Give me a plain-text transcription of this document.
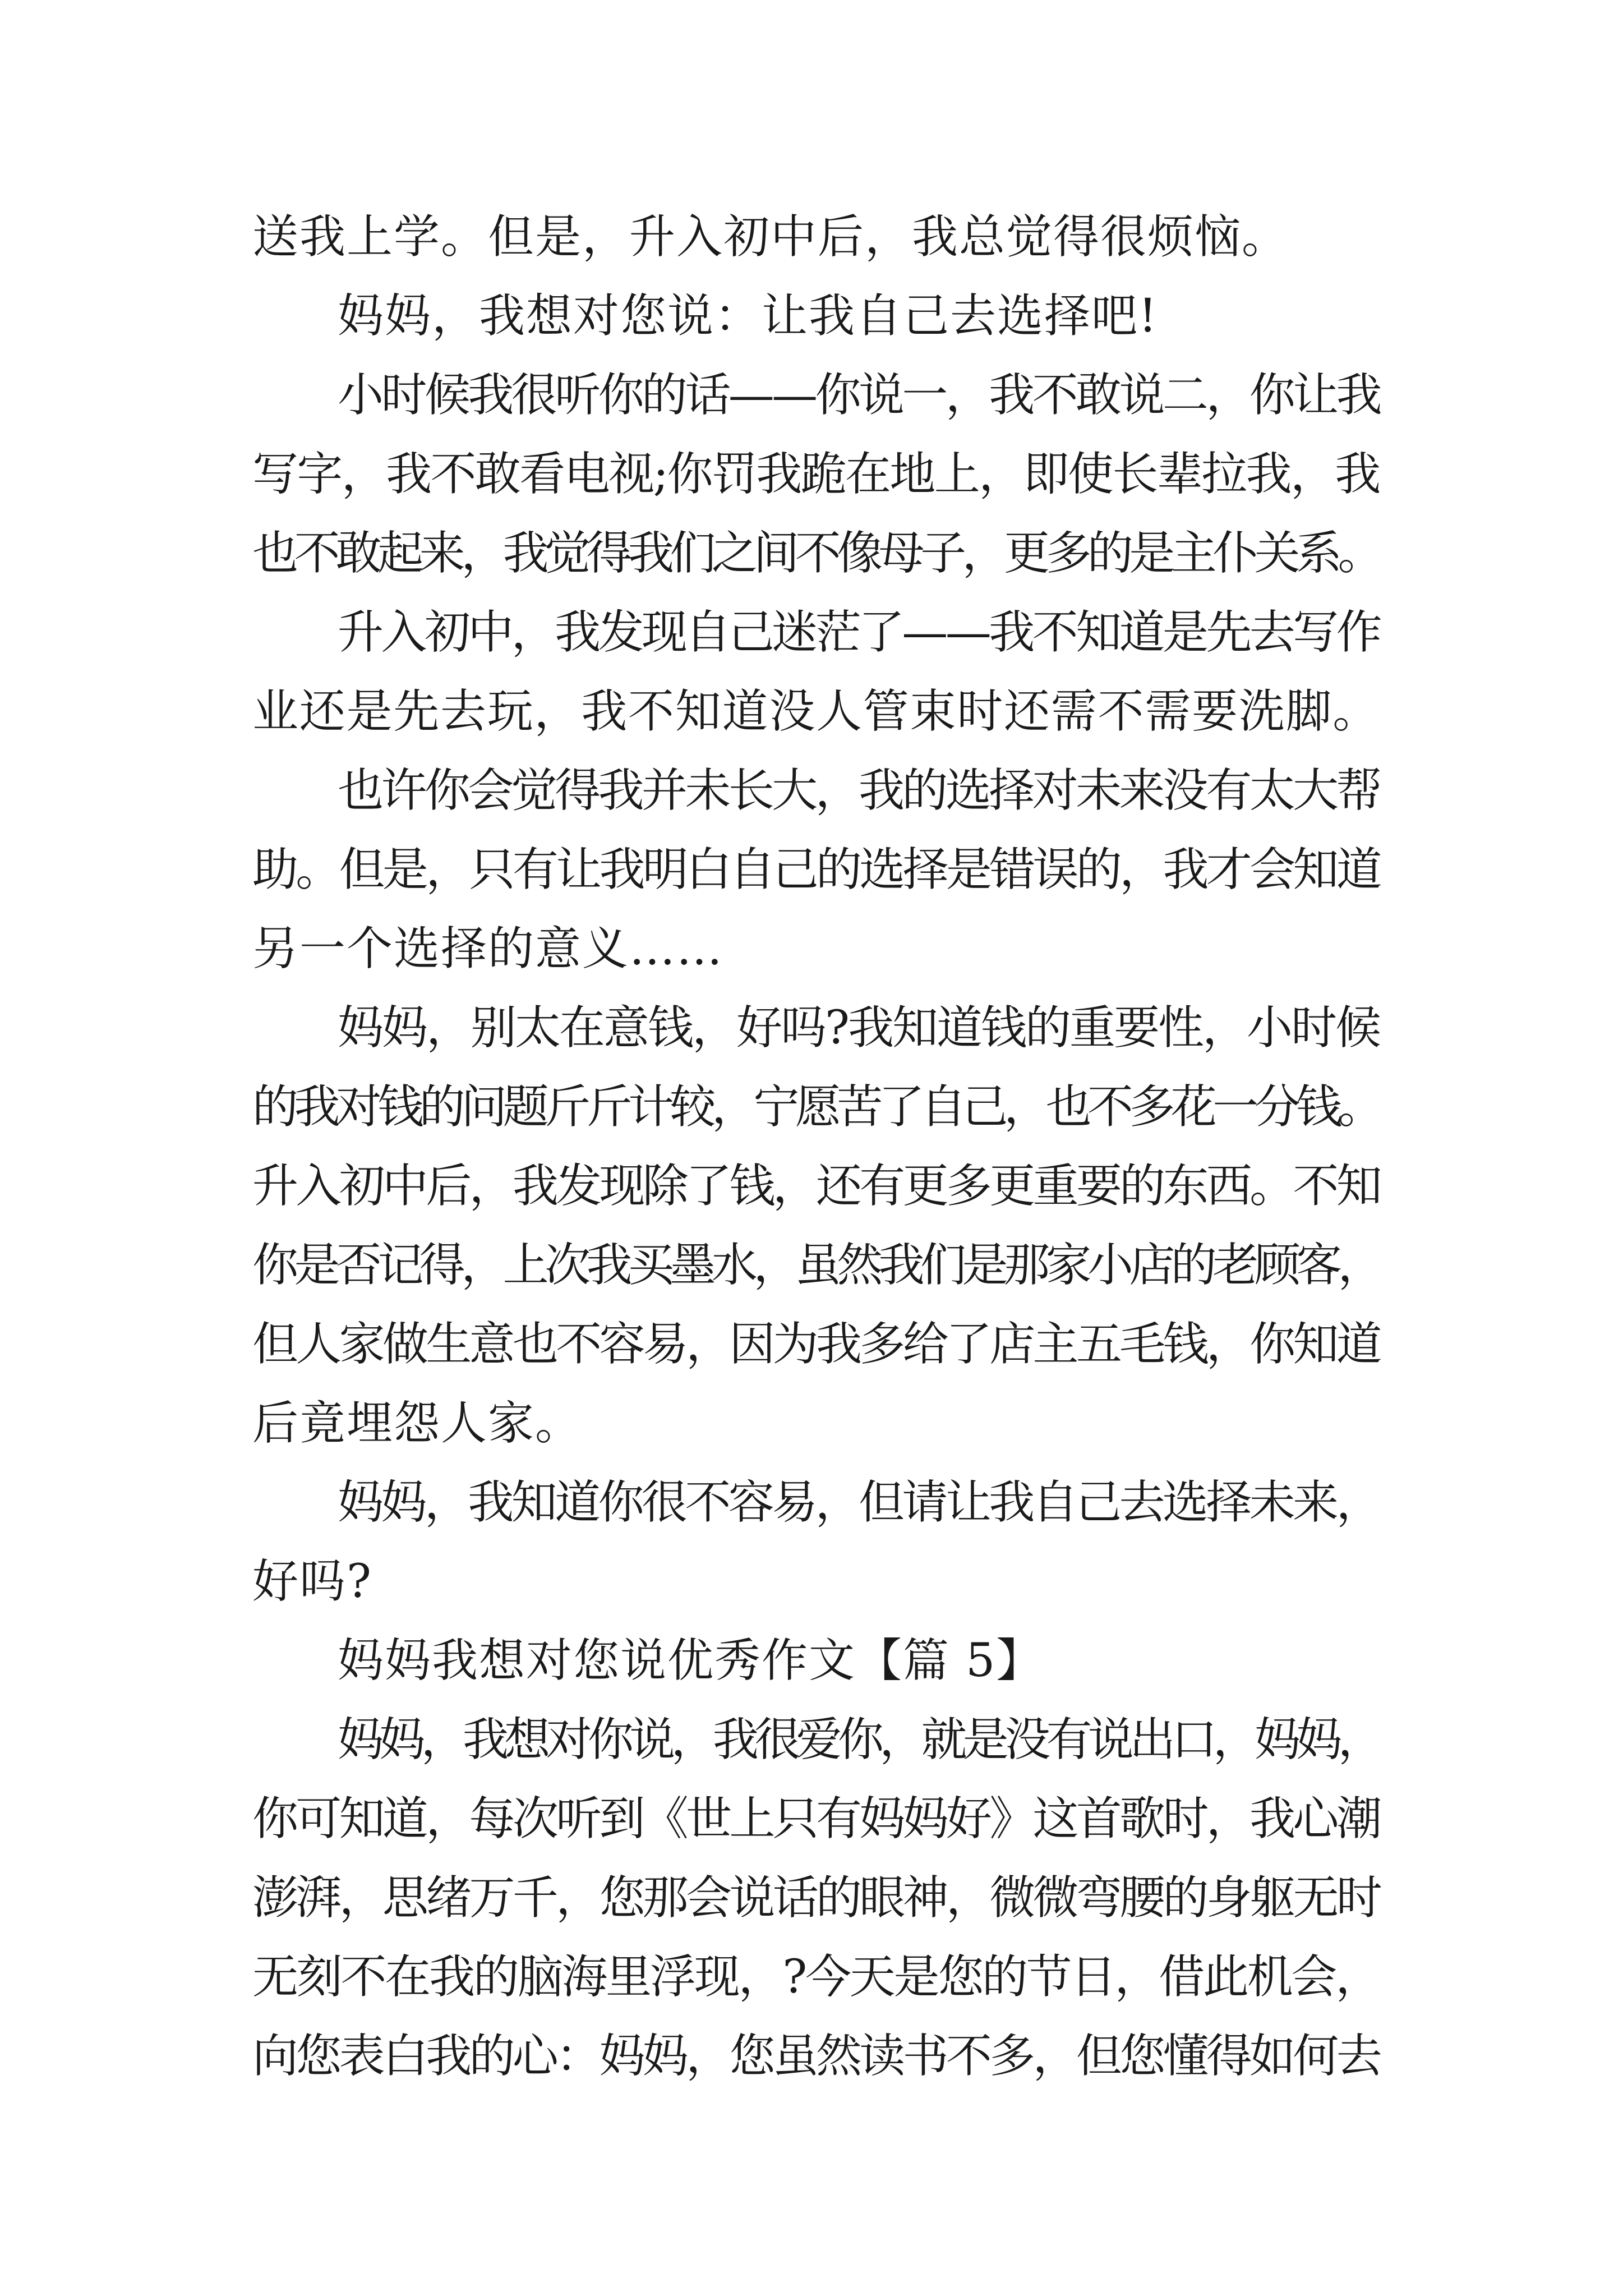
送我上学。但是，升入初中后，我总觉得很烦恼。
妈妈，我想对您说：让我自己去选择吧!
小时候我很听你的话——你说一，我不敢说二，你让我
写字，我不敢看电视;你罚我跪在地上，即使长辈拉我，我
也不敢起来，我觉得我们之间不像母子，更多的是主仆关系。
升入初中，我发现自己迷茫了——我不知道是先去写作
业还是先去玩，我不知道没人管束时还需不需要洗脚。
也许你会觉得我并未长大，我的选择对未来没有太大帮
助。但是，只有让我明白自己的选择是错误的，我才会知道
另一个选择的意义……
妈妈，别太在意钱，好吗?我知道钱的重要性，小时候
的我对钱的问题斤斤计较，宁愿苦了自己，也不多花一分钱。
升入初中后，我发现除了钱，还有更多更重要的东西。不知
你是否记得，上次我买墨水，虽然我们是那家小店的老顾客，
但人家做生意也不容易，因为我多给了店主五毛钱，你知道
后竟埋怨人家。
妈妈，我知道你很不容易，但请让我自己去选择未来，
好吗?
妈妈我想对您说优秀作文【篇 5】
妈妈，我想对你说，我很爱你，就是没有说出口，妈妈，
你可知道，每次听到《世上只有妈妈好》这首歌时，我心潮
澎湃，思绪万千，您那会说话的眼神，微微弯腰的身躯无时
无刻不在我的脑海里浮现，?今天是您的节日，借此机会，
向您表白我的心：妈妈，您虽然读书不多，但您懂得如何去
